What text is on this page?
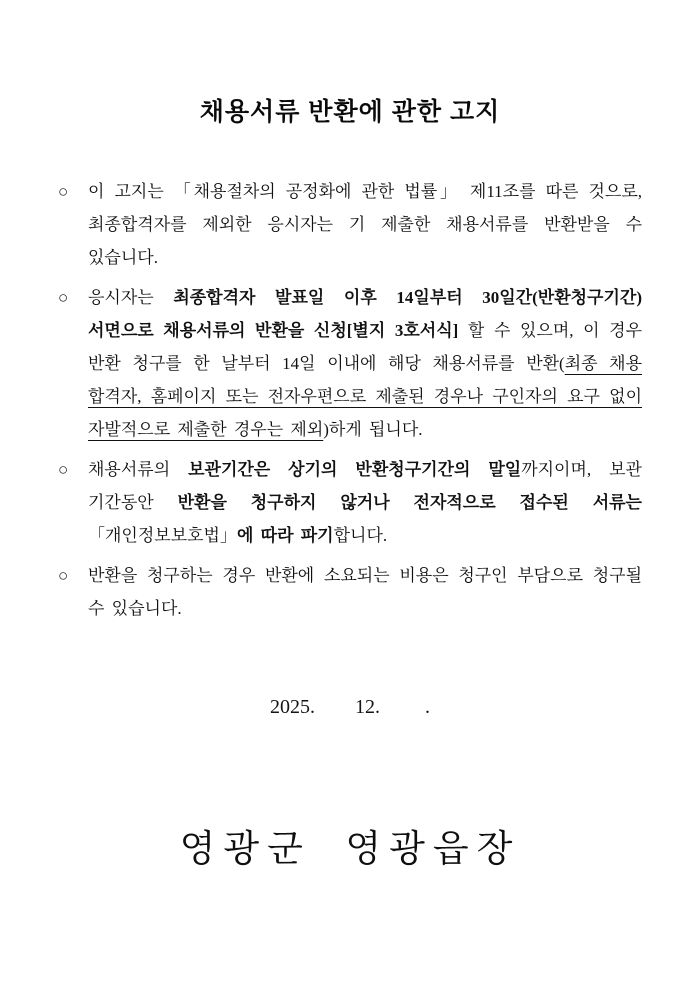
채용서류 반환에 관한 고지
○	이 고지는 「채용절차의 공정화에 관한 법률」 제11조를 따른 것으로, 최종합격자를 제외한 응시자는 기 제출한 채용서류를 반환받을 수 있습니다.
○	응시자는 최종합격자 발표일 이후 14일부터 30일간(반환청구기간) 서면으로 채용서류의 반환을 신청[별지 3호서식] 할 수 있으며, 이 경우 반환 청구를 한 날부터 14일 이내에 해당 채용서류를 반환(최종 채용 합격자, 홈페이지 또는 전자우편으로 제출된 경우나 구인자의 요구 없이 자발적으로 제출한 경우는 제외)하게 됩니다.
○	채용서류의 보관기간은 상기의 반환청구기간의 말일까지이며, 보관 기간동안 반환을 청구하지 않거나 전자적으로 접수된 서류는 「개인정보보호법」에 따라 파기합니다.
○	반환을 청구하는 경우 반환에 소요되는 비용은 청구인 부담으로 청구될 수 있습니다.
2025.        12.         .
영광군  영광읍장
